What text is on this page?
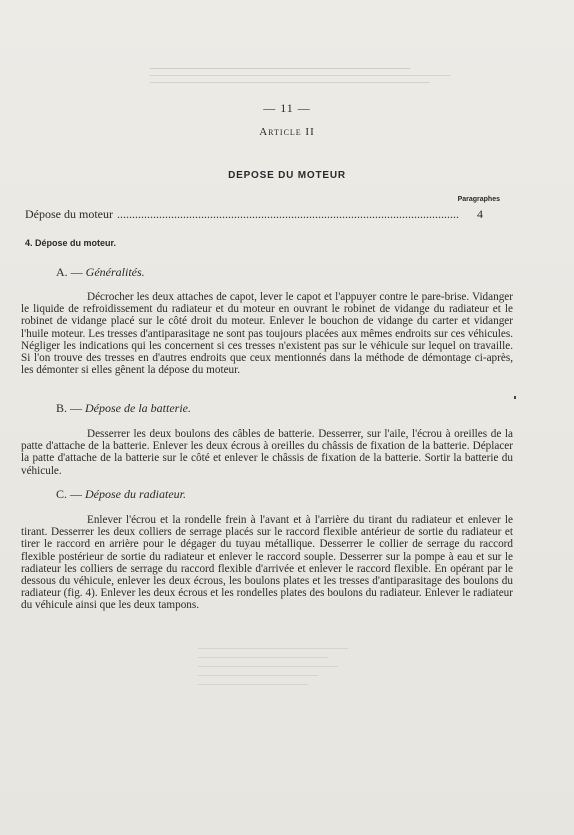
— 11 —
Article II
DEPOSE DU MOTEUR
Paragraphes
Dépose du moteur ..................................................................................................................	4
4. Dépose du moteur.
A. — Généralités.

Décrocher les deux attaches de capot, lever le capot et l'appuyer contre le pare-brise. Vidanger le liquide de refroidissement du radiateur et du moteur en ouvrant le robinet de vidange du radiateur et le robinet de vidange placé sur le côté droit du moteur. Enlever le bouchon de vidange du carter et vidanger l'huile moteur. Les tresses d'antiparasitage ne sont pas toujours placées aux mêmes endroits sur ces véhicules. Négliger les indications qui les concernent si ces tresses n'existent pas sur le véhicule sur lequel on travaille. Si l'on trouve des tresses en d'autres endroits que ceux mentionnés dans la méthode de démontage ci-après, les démonter si elles gênent la dépose du moteur.

B. — Dépose de la batterie.

Desserrer les deux boulons des câbles de batterie. Desserrer, sur l'aile, l'écrou à oreilles de la patte d'attache de la batterie. Enlever les deux écrous à oreilles du châssis de fixation de la batterie. Déplacer la patte d'attache de la batterie sur le côté et enlever le châssis de fixation de la batterie. Sortir la batterie du véhicule.

C. — Dépose du radiateur.

Enlever l'écrou et la rondelle frein à l'avant et à l'arrière du tirant du radiateur et enlever le tirant. Desserrer les deux colliers de serrage placés sur le raccord flexible antérieur de sortie du radiateur et tirer le raccord en arrière pour le dégager du tuyau métallique. Desserrer le collier de serrage du raccord flexible postérieur de sortie du radiateur et enlever le raccord souple. Desserrer sur la pompe à eau et sur le radiateur les colliers de serrage du raccord flexible d'arrivée et enlever le raccord flexible. En opérant par le dessous du véhicule, enlever les deux écrous, les boulons plates et les tresses d'antiparasitage des boulons du radiateur (fig. 4). Enlever les deux écrous et les rondelles plates des boulons du radiateur. Enlever le radiateur du véhicule ainsi que les deux tampons.
